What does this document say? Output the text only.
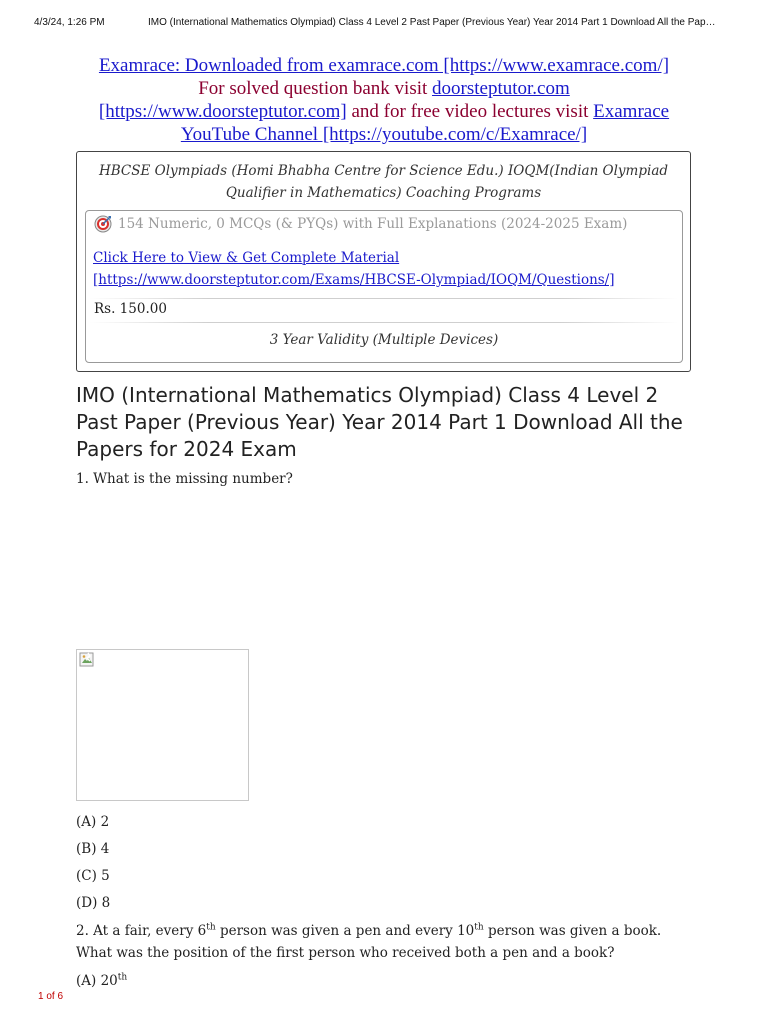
4/3/24, 1:26 PM	IMO (International Mathematics Olympiad) Class 4 Level 2 Past Paper (Previous Year) Year 2014 Part 1 Download All the Pap…
Examrace: Downloaded from examrace.com [https://www.examrace.com/]
For solved question bank visit doorsteptutor.com
[https://www.doorsteptutor.com] and for free video lectures visit Examrace
YouTube Channel [https://youtube.com/c/Examrace/]
HBCSE Olympiads (Homi Bhabha Centre for Science Edu.) IOQM(Indian Olympiad Qualifier in Mathematics) Coaching Programs
154 Numeric, 0 MCQs (& PYQs) with Full Explanations (2024-2025 Exam)
Click Here to View & Get Complete Material
[https://www.doorsteptutor.com/Exams/HBCSE-Olympiad/IOQM/Questions/]
Rs. 150.00
3 Year Validity (Multiple Devices)
IMO (International Mathematics Olympiad) Class 4 Level 2 Past Paper (Previous Year) Year 2014 Part 1 Download All the Papers for 2024 Exam
1. What is the missing number?
(A) 2
(B) 4
(C) 5
(D) 8
2. At a fair, every 6th person was given a pen and every 10th person was given a book. What was the position of the first person who received both a pen and a book?
(A) 20th
1 of 6
